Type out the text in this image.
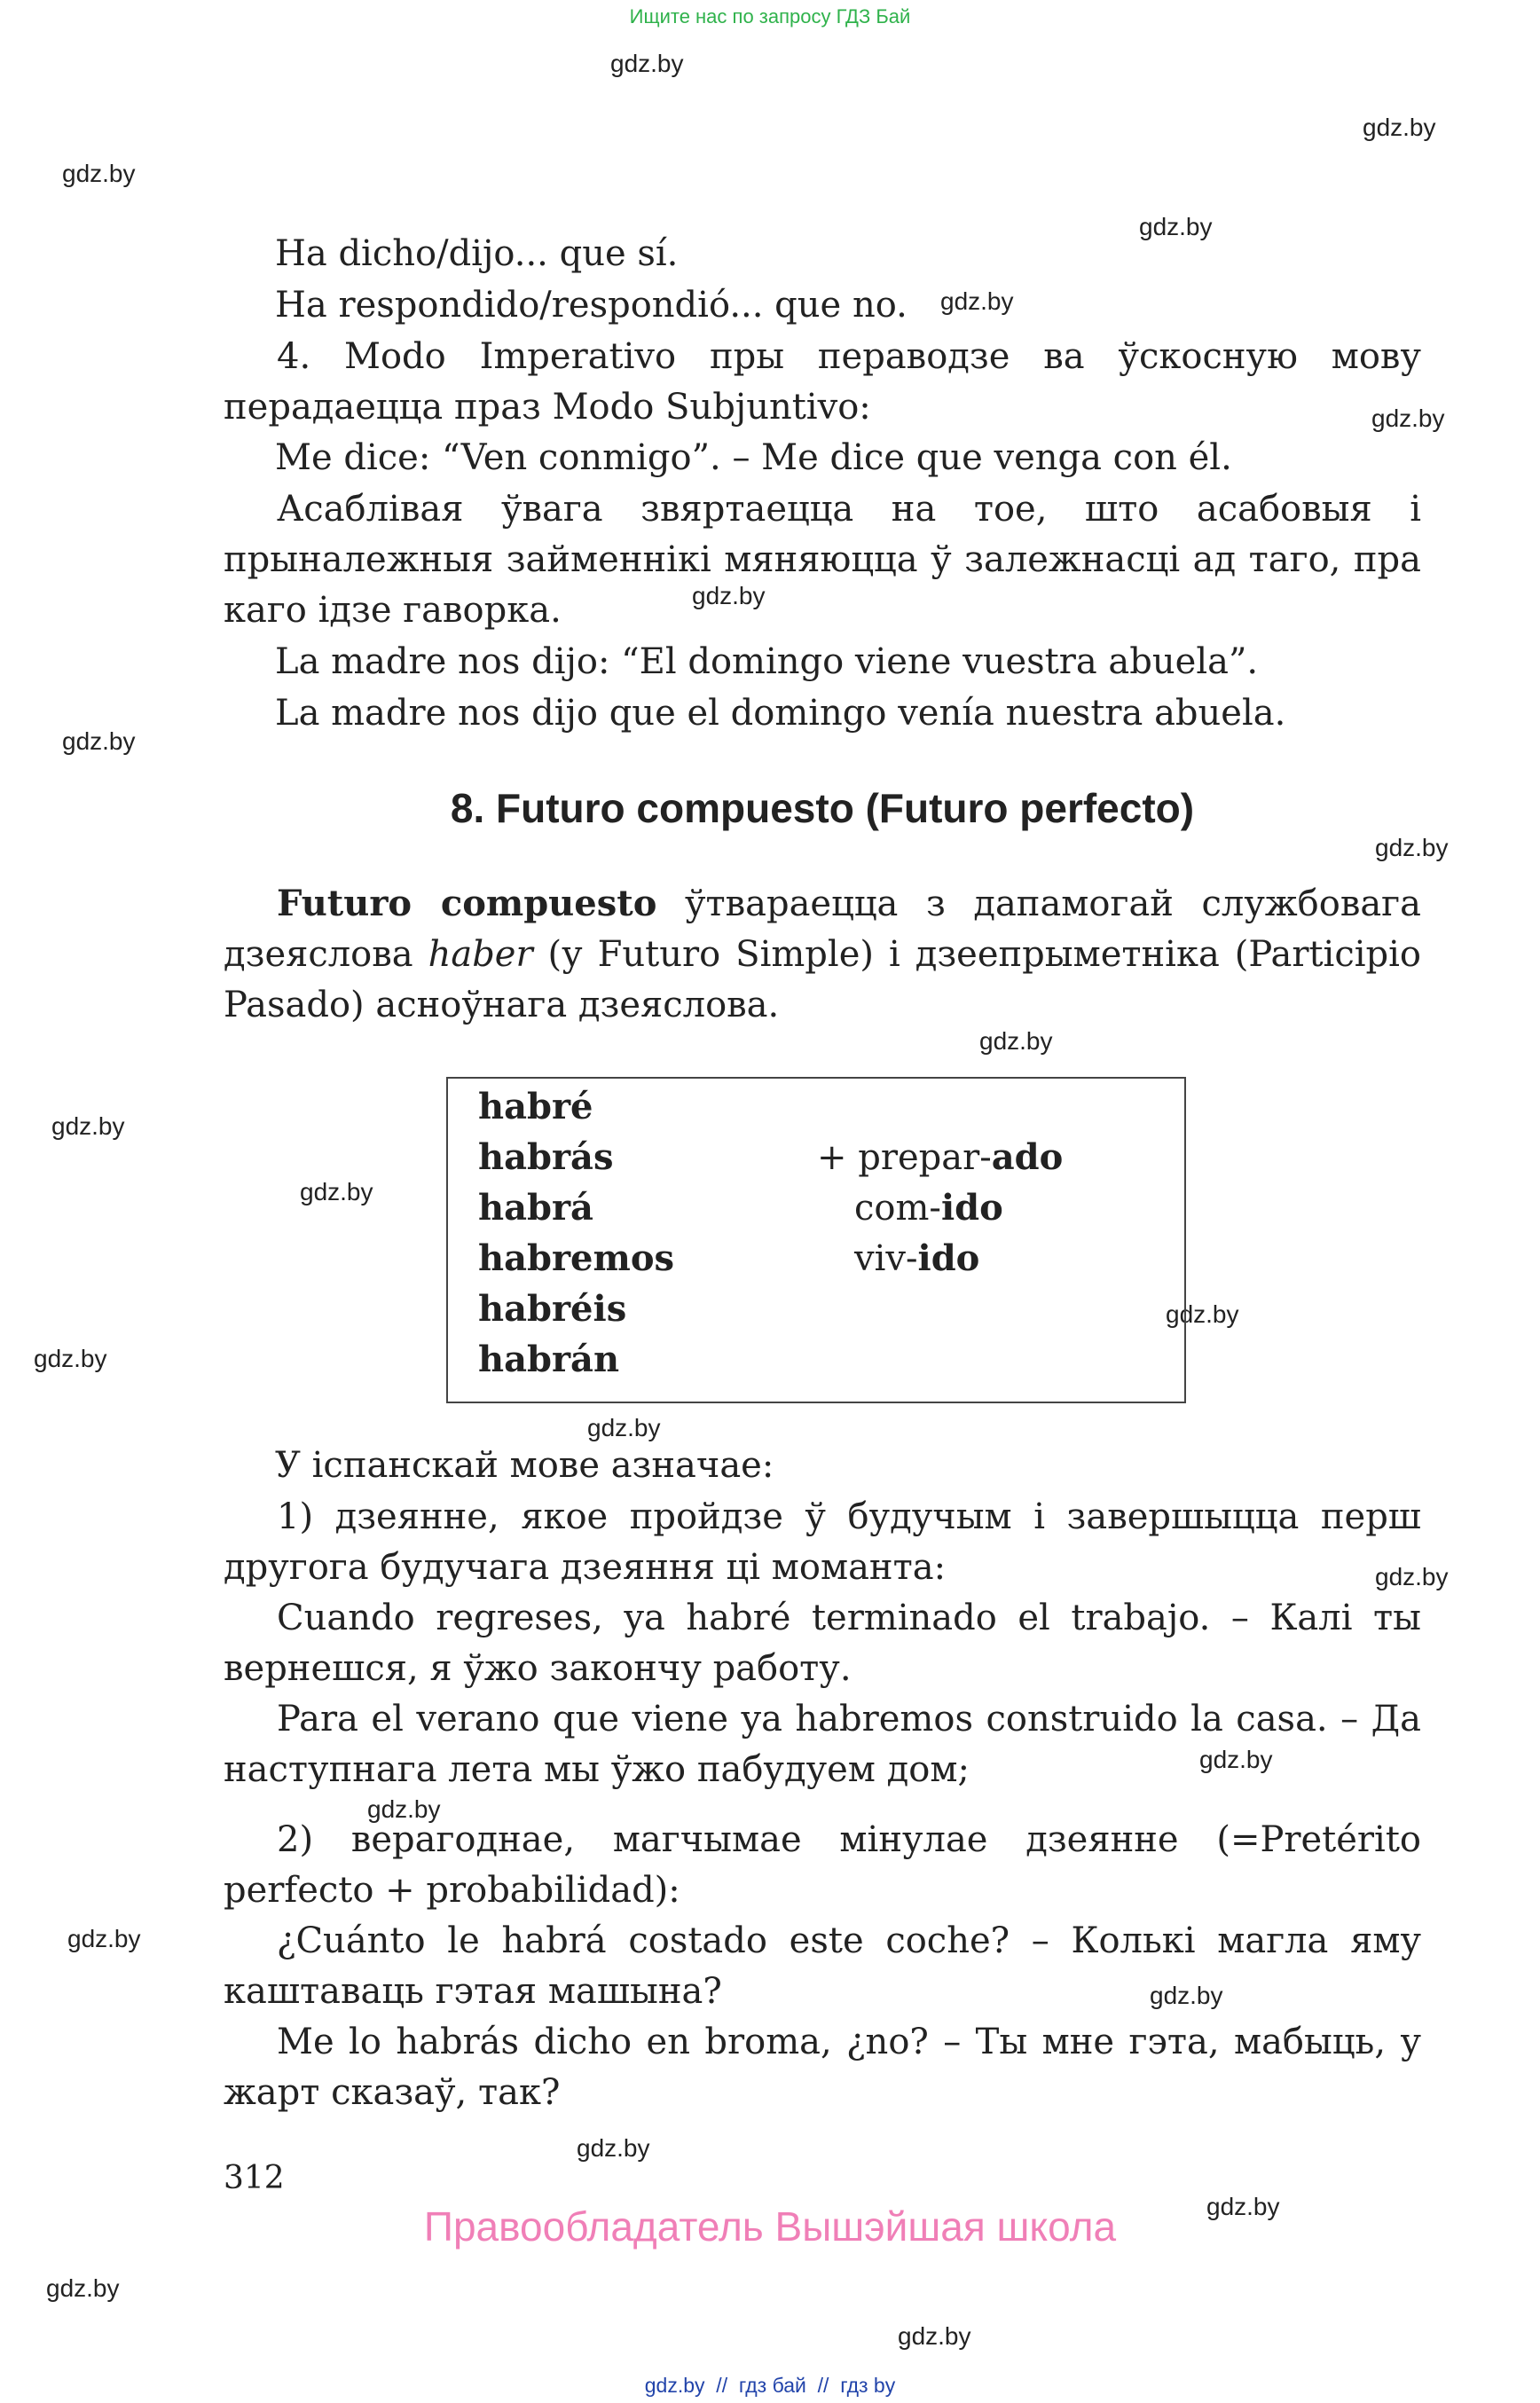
Ищите нас по запросу ГДЗ Бай
gdz.by
gdz.by
gdz.by
gdz.by
gdz.by
gdz.by
gdz.by
gdz.by
gdz.by
gdz.by
gdz.by
gdz.by
gdz.by
gdz.by
gdz.by
gdz.by
gdz.by
gdz.by
gdz.by
gdz.by
gdz.by
gdz.by
gdz.by
gdz.by
Ha dicho/dijo... que sí.
Ha respondido/respondió... que no.
4. Modo Imperativo пры пераводзе ва ўскосную мову перадаецца праз Modo Subjuntivo:
Me dice: “Ven conmigo”. – Me dice que venga con él.
Асаблівая ўвага звяртаецца на тое, што асабовыя і прыналежныя займеннікі мяняюцца ў залежнасці ад таго, пра каго ідзе гаворка.
La madre nos dijo: “El domingo viene vuestra abuela”.
La madre nos dijo que el domingo venía nuestra abuela.
8. Futuro compuesto (Futuro perfecto)
Futuro compuesto ўтвараецца з дапамогай службовага дзеяслова haber (у Futuro Simple) і дзеепрыметніка (Participio Pasado) асноўнага дзеяслова.
habré
habrás
habrá
habremos
habréis
habrán
+ prepar-ado
com-ido
viv-ido
У іспанскай мове азначае:
1) дзеянне, якое пройдзе ў будучым і завершыцца перш другога будучага дзеяння ці моманта:
Cuando regreses, ya habré terminado el trabajo. – Калі ты вернешся, я ўжо закончу работу.
Para el verano que viene ya habremos construido la casa. – Да наступнага лета мы ўжо пабудуем дом;
2) верагоднае, магчымае мінулае дзеянне (=Pretérito perfecto + probabilidad):
¿Cuánto le habrá costado este coche? – Колькі магла яму каштаваць гэтая машына?
Me lo habrás dicho en broma, ¿no? – Ты мне гэта, мабыць, у жарт сказаў, так?
312
Правообладатель Вышэйшая школа
gdz.by  //  гдз бай  //  гдз by
